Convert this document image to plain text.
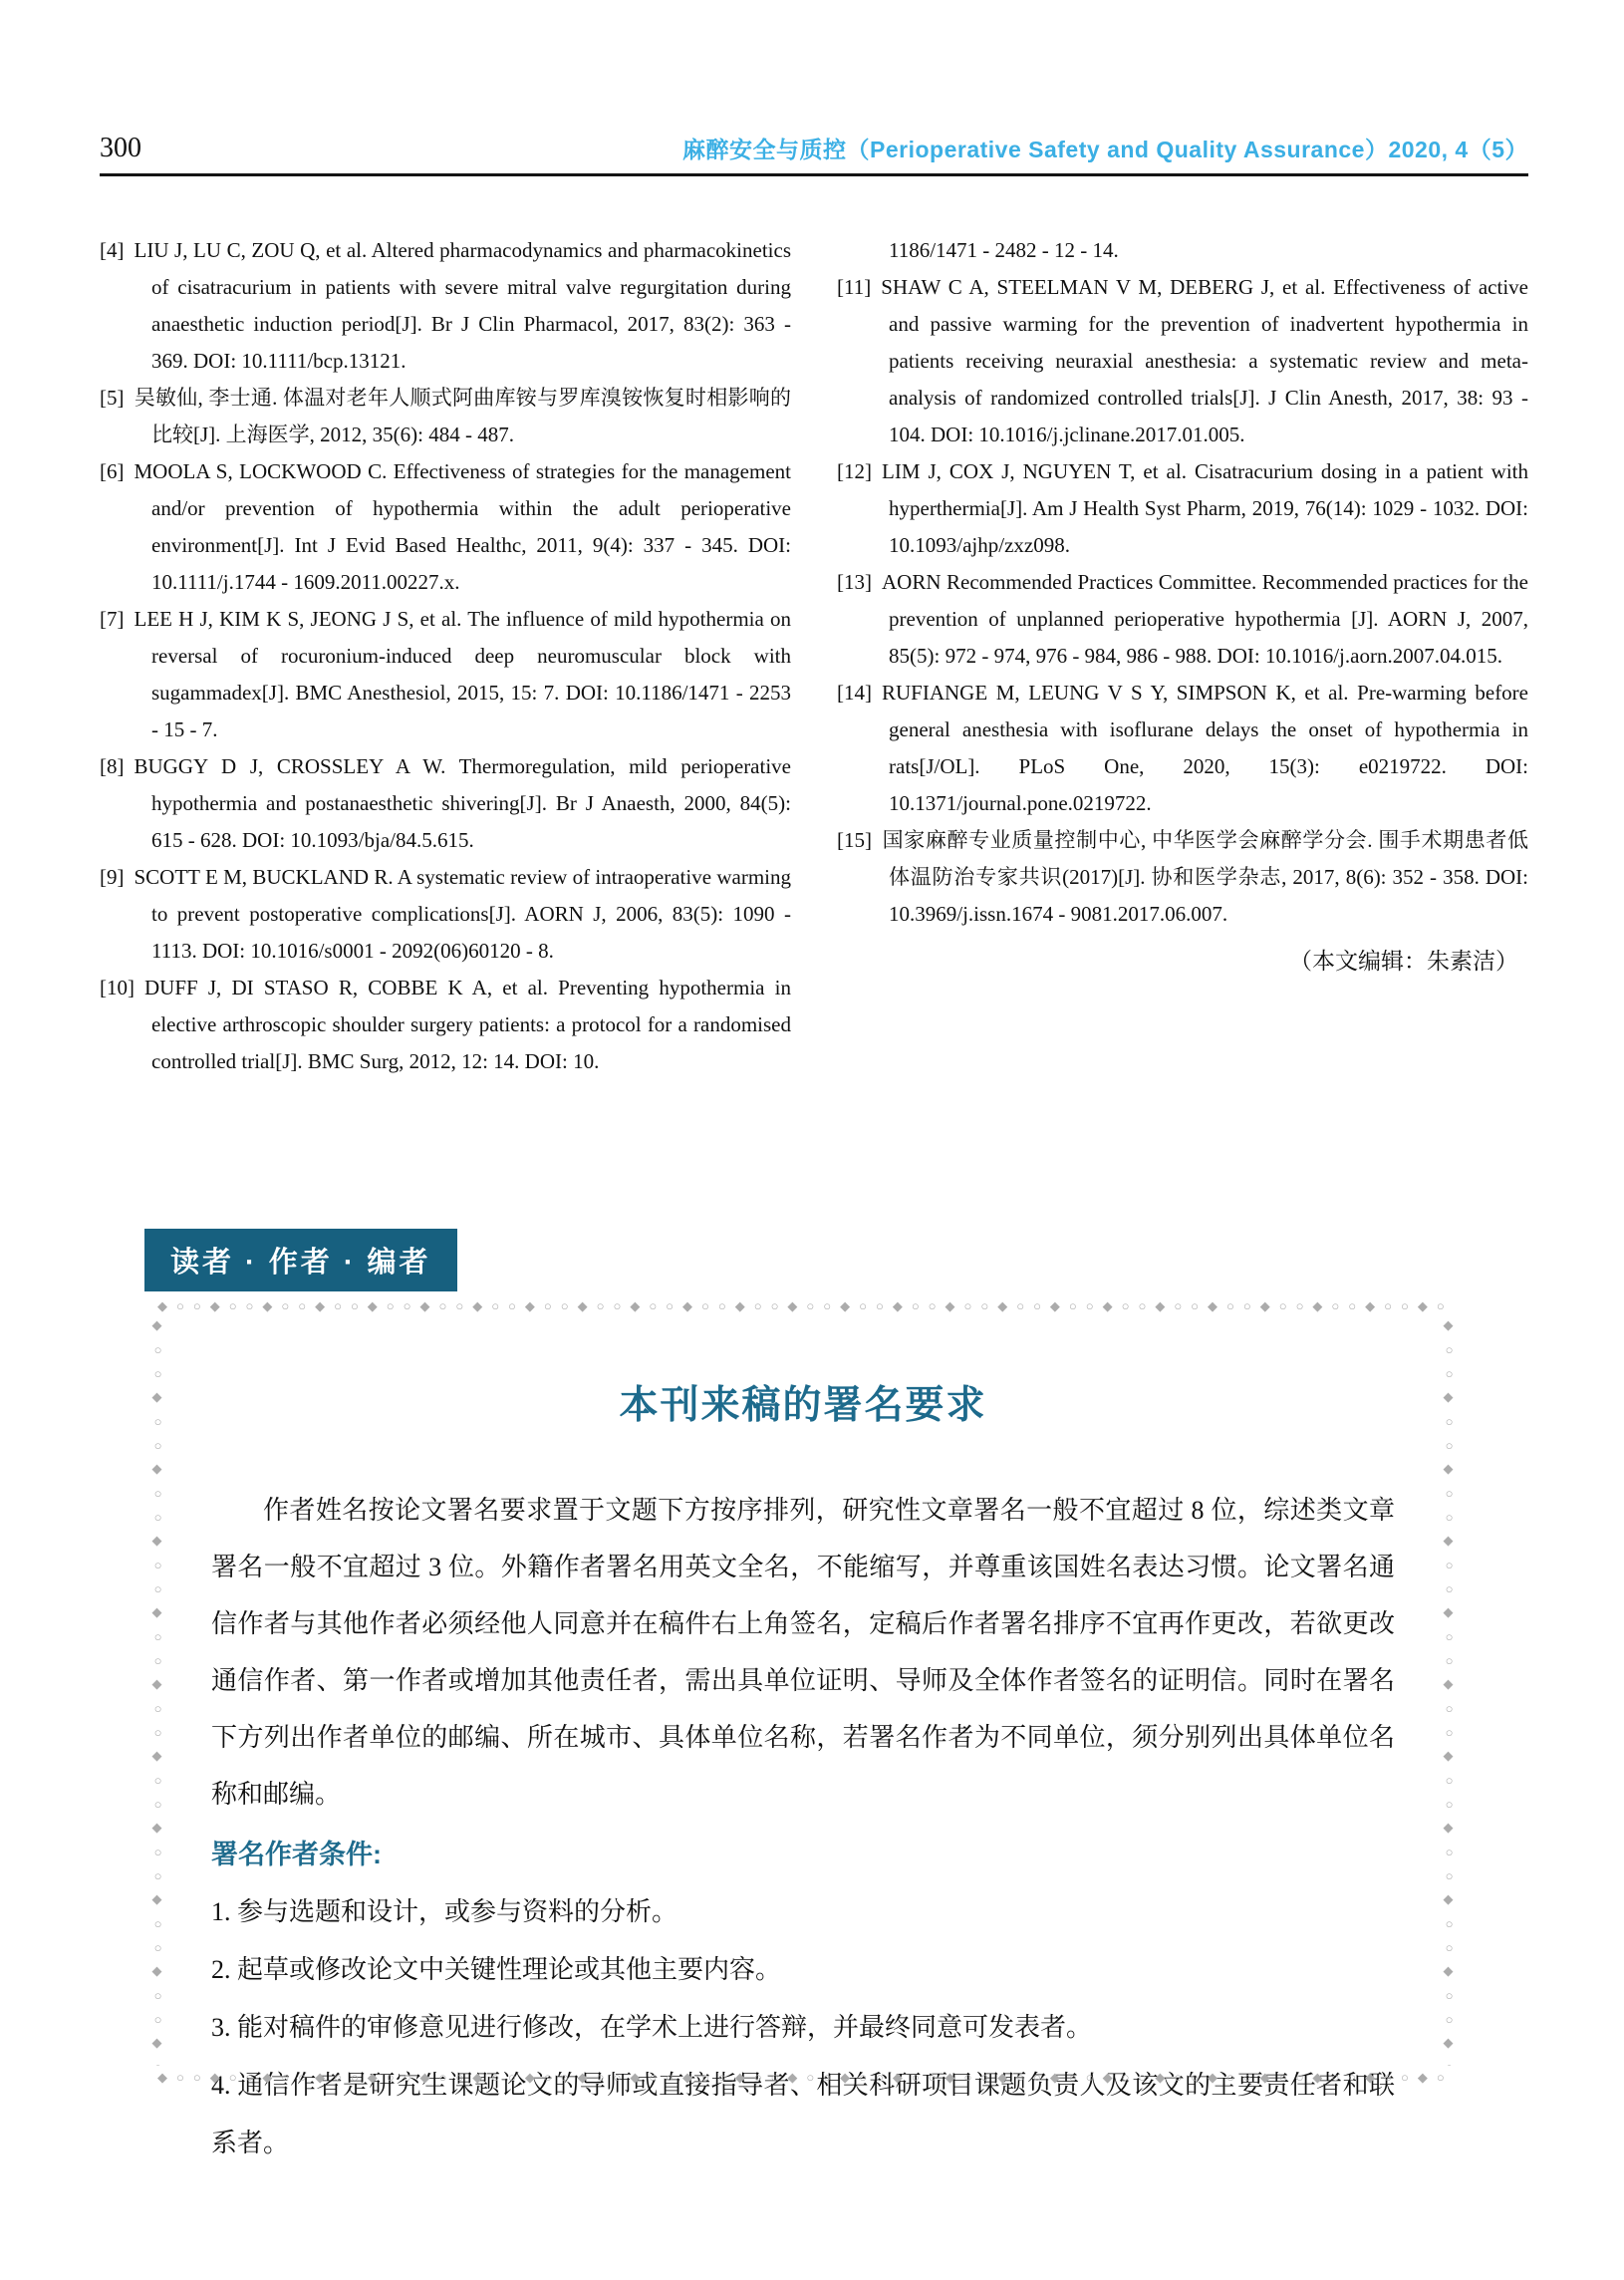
300	麻醉安全与质控（Perioperative Safety and Quality Assurance）2020, 4（5）
[4] LIU J, LU C, ZOU Q, et al. Altered pharmacodynamics and pharmacokinetics of cisatracurium in patients with severe mitral valve regurgitation during anaesthetic induction period[J]. Br J Clin Pharmacol, 2017, 83(2): 363 - 369. DOI: 10.1111/bcp.13121.
[5] 吴敏仙, 李士通. 体温对老年人顺式阿曲库铵与罗库溴铵恢复时相影响的比较[J]. 上海医学, 2012, 35(6): 484 - 487.
[6] MOOLA S, LOCKWOOD C. Effectiveness of strategies for the management and/or prevention of hypothermia within the adult perioperative environment[J]. Int J Evid Based Healthc, 2011, 9(4): 337 - 345. DOI: 10.1111/j.1744 - 1609.2011.00227.x.
[7] LEE H J, KIM K S, JEONG J S, et al. The influence of mild hypothermia on reversal of rocuronium-induced deep neuromuscular block with sugammadex[J]. BMC Anesthesiol, 2015, 15: 7. DOI: 10.1186/1471 - 2253 - 15 - 7.
[8] BUGGY D J, CROSSLEY A W. Thermoregulation, mild perioperative hypothermia and postanaesthetic shivering[J]. Br J Anaesth, 2000, 84(5): 615 - 628. DOI: 10.1093/bja/84.5.615.
[9] SCOTT E M, BUCKLAND R. A systematic review of intraoperative warming to prevent postoperative complications[J]. AORN J, 2006, 83(5): 1090 - 1113. DOI: 10.1016/s0001 - 2092(06)60120 - 8.
[10] DUFF J, DI STASO R, COBBE K A, et al. Preventing hypothermia in elective arthroscopic shoulder surgery patients: a protocol for a randomised controlled trial[J]. BMC Surg, 2012, 12: 14. DOI: 10.
1186/1471 - 2482 - 12 - 14.
[11] SHAW C A, STEELMAN V M, DEBERG J, et al. Effectiveness of active and passive warming for the prevention of inadvertent hypothermia in patients receiving neuraxial anesthesia: a systematic review and meta-analysis of randomized controlled trials[J]. J Clin Anesth, 2017, 38: 93 - 104. DOI: 10.1016/j.jclinane.2017.01.005.
[12] LIM J, COX J, NGUYEN T, et al. Cisatracurium dosing in a patient with hyperthermia[J]. Am J Health Syst Pharm, 2019, 76(14): 1029 - 1032. DOI: 10.1093/ajhp/zxz098.
[13] AORN Recommended Practices Committee. Recommended practices for the prevention of unplanned perioperative hypothermia [J]. AORN J, 2007, 85(5): 972 - 974, 976 - 984, 986 - 988. DOI: 10.1016/j.aorn.2007.04.015.
[14] RUFIANGE M, LEUNG V S Y, SIMPSON K, et al. Pre-warming before general anesthesia with isoflurane delays the onset of hypothermia in rats[J/OL]. PLoS One, 2020, 15(3): e0219722. DOI: 10.1371/journal.pone.0219722.
[15] 国家麻醉专业质量控制中心, 中华医学会麻醉学分会. 围手术期患者低体温防治专家共识(2017)[J]. 协和医学杂志, 2017, 8(6): 352 - 358. DOI: 10.3969/j.issn.1674 - 9081.2017.06.007.
（本文编辑：朱素洁）
读者 · 作者 · 编者
◆○○◆○○◆○○◆○○◆○○◆○○◆○○◆○○◆○○◆○○◆○○◆○○◆○○◆○○◆○○◆○○◆○○◆○○◆○○◆○○◆○○◆○○◆○○◆○○◆○○◆○○◆○○◆○○◆○○◆○○◆○○◆○○◆○○◆○○◆○○◆○○◆○○◆○○◆○○◆○○
◆○○◆○○◆○○◆○○◆○○◆○○◆○○◆○○◆○○◆○○◆○○◆○○◆○○◆○○◆○○◆○○◆○○◆○○◆○○◆○○◆○○◆○○◆○○◆○○◆○○◆○○◆○○◆○○◆○○◆○○◆○○◆○○◆○○◆○○◆○○◆○○◆○○◆○○◆○○◆○○
◆○○◆○○◆○○◆○○◆○○◆○○◆○○◆○○◆○○◆○○◆○○◆○○◆○○◆○○◆○○◆○○◆○○◆○○◆○○◆○○◆○○◆○○◆○○◆○○◆○○◆○○◆○○◆○○◆○○◆○○◆○○◆○○◆○○◆○○◆○○◆○○◆○○◆○○◆○○◆○○
◆○○◆○○◆○○◆○○◆○○◆○○◆○○◆○○◆○○◆○○◆○○◆○○◆○○◆○○◆○○◆○○◆○○◆○○◆○○◆○○◆○○◆○○◆○○◆○○◆○○◆○○◆○○◆○○◆○○◆○○◆○○◆○○◆○○◆○○◆○○◆○○◆○○◆○○◆○○◆○○
本刊来稿的署名要求

作者姓名按论文署名要求置于文题下方按序排列，研究性文章署名一般不宜超过 8 位，综述类文章署名一般不宜超过 3 位。外籍作者署名用英文全名，不能缩写，并尊重该国姓名表达习惯。论文署名通信作者与其他作者必须经他人同意并在稿件右上角签名，定稿后作者署名排序不宜再作更改，若欲更改通信作者、第一作者或增加其他责任者，需出具单位证明、导师及全体作者签名的证明信。同时在署名下方列出作者单位的邮编、所在城市、具体单位名称，若署名作者为不同单位，须分别列出具体单位名称和邮编。

署名作者条件:
1. 参与选题和设计，或参与资料的分析。
2. 起草或修改论文中关键性理论或其他主要内容。
3. 能对稿件的审修意见进行修改，在学术上进行答辩，并最终同意可发表者。
4. 通信作者是研究生课题论文的导师或直接指导者、相关科研项目课题负责人及该文的主要责任者和联系者。
